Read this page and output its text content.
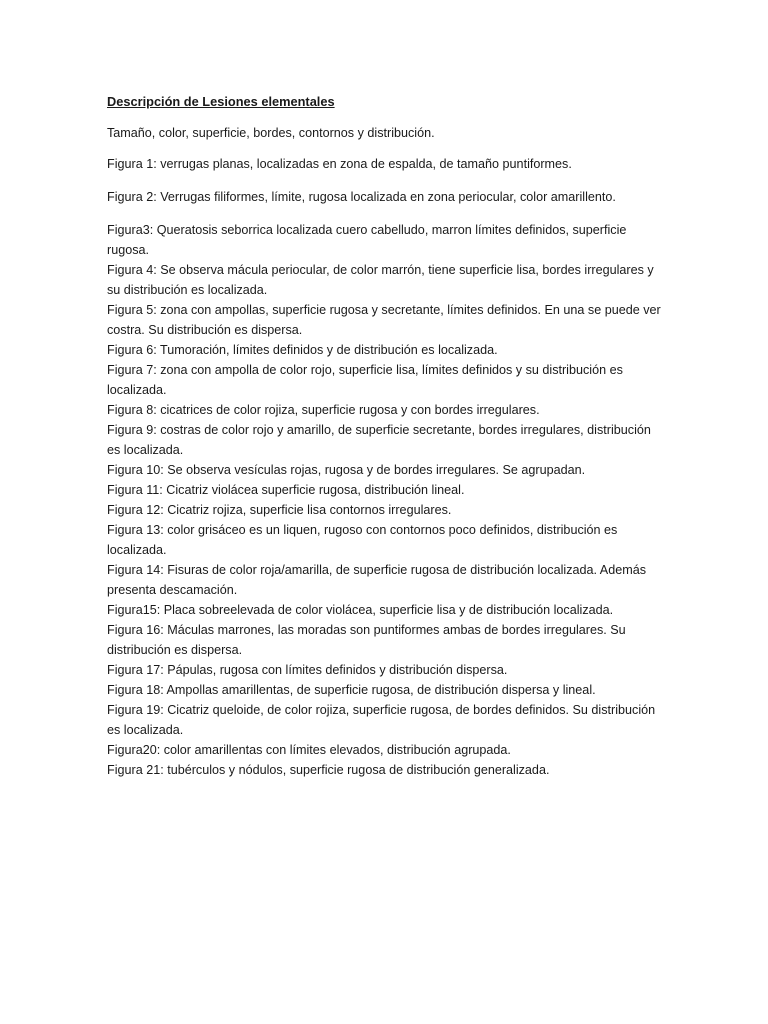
Descripción de Lesiones elementales

Tamaño, color, superficie, bordes, contornos y distribución.

Figura 1: verrugas planas, localizadas en zona de espalda, de tamaño puntiformes.

Figura 2: Verrugas filiformes, límite, rugosa localizada en zona periocular, color amarillento.

Figura3: Queratosis seborrica localizada cuero cabelludo, marron límites definidos, superficie rugosa.

Figura 4: Se observa mácula periocular, de color marrón, tiene superficie lisa, bordes irregulares y su distribución es localizada.

Figura 5: zona con ampollas, superficie rugosa y secretante, límites definidos. En una se puede ver costra. Su distribución es dispersa.

Figura 6: Tumoración, límites definidos y de distribución es localizada.

Figura 7: zona con ampolla de color rojo, superficie lisa, límites definidos y su distribución es localizada.

Figura 8: cicatrices de color rojiza, superficie rugosa y con bordes irregulares.

Figura 9: costras de color rojo y amarillo, de superficie secretante, bordes irregulares, distribución es localizada.

Figura 10: Se observa vesículas rojas, rugosa y de bordes irregulares. Se agrupadan.

Figura 11: Cicatriz violácea superficie rugosa, distribución lineal.

Figura 12: Cicatriz rojiza, superficie lisa contornos irregulares.

Figura 13: color grisáceo es un liquen, rugoso con contornos poco definidos, distribución es localizada.

Figura 14: Fisuras de color roja/amarilla, de superficie rugosa de distribución localizada. Además presenta descamación.

Figura15: Placa sobreelevada de color violácea, superficie lisa y de distribución localizada.

Figura 16: Máculas marrones, las moradas son puntiformes ambas de bordes irregulares. Su distribución es dispersa.

Figura 17: Pápulas, rugosa con límites definidos y distribución dispersa.

Figura 18: Ampollas amarillentas, de superficie rugosa, de distribución dispersa y lineal.

Figura 19: Cicatriz queloide, de color rojiza, superficie rugosa, de bordes definidos. Su distribución es localizada.

Figura20: color amarillentas con límites elevados, distribución agrupada.

Figura 21: tubérculos y nódulos, superficie rugosa de distribución generalizada.
